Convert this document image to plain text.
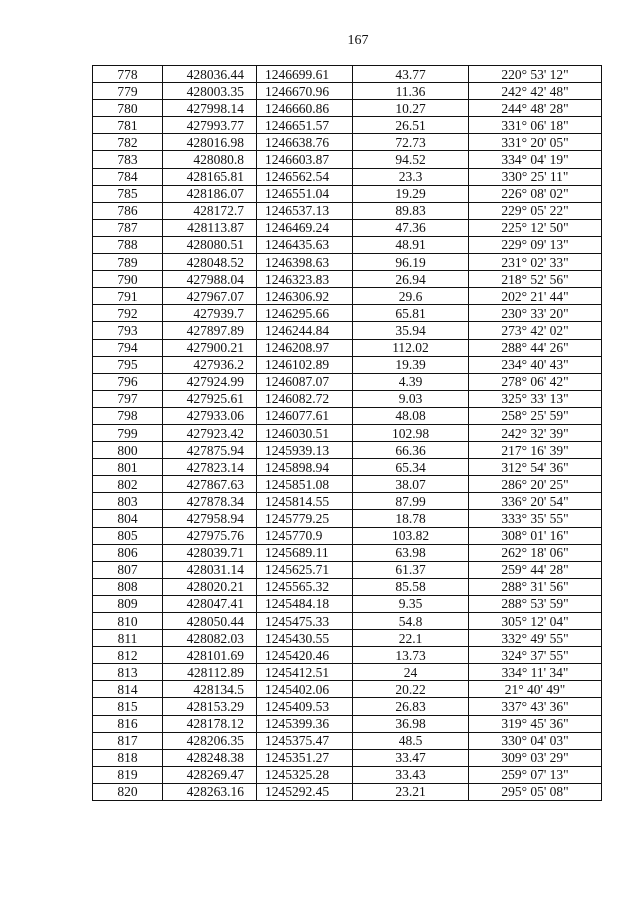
167
778	428036.44	1246699.61	43.77	220° 53' 12"
779	428003.35	1246670.96	11.36	242° 42' 48"
780	427998.14	1246660.86	10.27	244° 48' 28"
781	427993.77	1246651.57	26.51	331° 06' 18"
782	428016.98	1246638.76	72.73	331° 20' 05"
783	428080.8	1246603.87	94.52	334° 04' 19"
784	428165.81	1246562.54	23.3	330° 25' 11"
785	428186.07	1246551.04	19.29	226° 08' 02"
786	428172.7	1246537.13	89.83	229° 05' 22"
787	428113.87	1246469.24	47.36	225° 12' 50"
788	428080.51	1246435.63	48.91	229° 09' 13"
789	428048.52	1246398.63	96.19	231° 02' 33"
790	427988.04	1246323.83	26.94	218° 52' 56"
791	427967.07	1246306.92	29.6	202° 21' 44"
792	427939.7	1246295.66	65.81	230° 33' 20"
793	427897.89	1246244.84	35.94	273° 42' 02"
794	427900.21	1246208.97	112.02	288° 44' 26"
795	427936.2	1246102.89	19.39	234° 40' 43"
796	427924.99	1246087.07	4.39	278° 06' 42"
797	427925.61	1246082.72	9.03	325° 33' 13"
798	427933.06	1246077.61	48.08	258° 25' 59"
799	427923.42	1246030.51	102.98	242° 32' 39"
800	427875.94	1245939.13	66.36	217° 16' 39"
801	427823.14	1245898.94	65.34	312° 54' 36"
802	427867.63	1245851.08	38.07	286° 20' 25"
803	427878.34	1245814.55	87.99	336° 20' 54"
804	427958.94	1245779.25	18.78	333° 35' 55"
805	427975.76	1245770.9	103.82	308° 01' 16"
806	428039.71	1245689.11	63.98	262° 18' 06"
807	428031.14	1245625.71	61.37	259° 44' 28"
808	428020.21	1245565.32	85.58	288° 31' 56"
809	428047.41	1245484.18	9.35	288° 53' 59"
810	428050.44	1245475.33	54.8	305° 12' 04"
811	428082.03	1245430.55	22.1	332° 49' 55"
812	428101.69	1245420.46	13.73	324° 37' 55"
813	428112.89	1245412.51	24	334° 11' 34"
814	428134.5	1245402.06	20.22	21° 40' 49"
815	428153.29	1245409.53	26.83	337° 43' 36"
816	428178.12	1245399.36	36.98	319° 45' 36"
817	428206.35	1245375.47	48.5	330° 04' 03"
818	428248.38	1245351.27	33.47	309° 03' 29"
819	428269.47	1245325.28	33.43	259° 07' 13"
820	428263.16	1245292.45	23.21	295° 05' 08"
